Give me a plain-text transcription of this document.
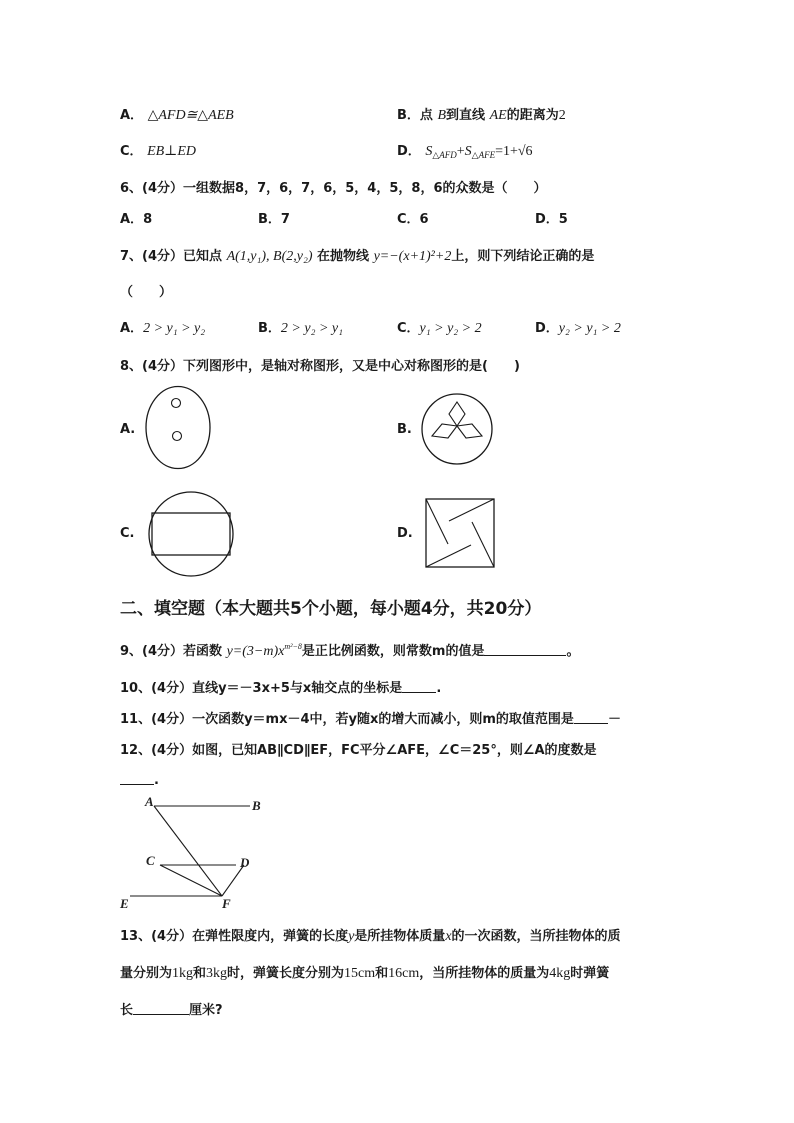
A． △AFD≅△AEB	B．点 B到直线 AE的距离为2
C． EB⊥ED	D． $S_{\triangle AFD}+S_{\triangle AFE}=1+√6$
6、(4分）一组数据8，7，6，7，6，5，4，5，8，6的众数是（　　）
A．8	B．7	C．6	D．5
7、(4分）已知点 A(1,y₁), B(2,y₂) 在抛物线 y=−(x+1)²+2上，则下列结论正确的是
（　　）
A．2 > y₁ > y₂	B．2 > y₂ > y₁	C．y₁ > y₂ > 2	D．y₂ > y₁ > 2
8、(4分）下列图形中，是轴对称图形，又是中心对称图形的是(　　)
A.	B.
C.	D.
二、填空题（本大题共5个小题，每小题4分，共20分）
9、(4分）若函数 $y=(3-m)x^{m^2-8}$是正比例函数，则常数m的值是	。
10、(4分）直线y＝－3x+5与x轴交点的坐标是	.
11、(4分）一次函数y＝mx－4中，若y随x的增大而减小，则m的取值范围是	－
12、(4分）如图，已知AB∥CD∥EF，FC平分∠AFE，∠C＝25°，则∠A的度数是
.
A	B
C	D
E	F
13、(4分）在弹性限度内，弹簧的长度y是所挂物体质量x的一次函数，当所挂物体的质
量分别为1kg和3kg时，弹簧长度分别为15cm和16cm，当所挂物体的质量为4kg时弹簧
长	厘米?
